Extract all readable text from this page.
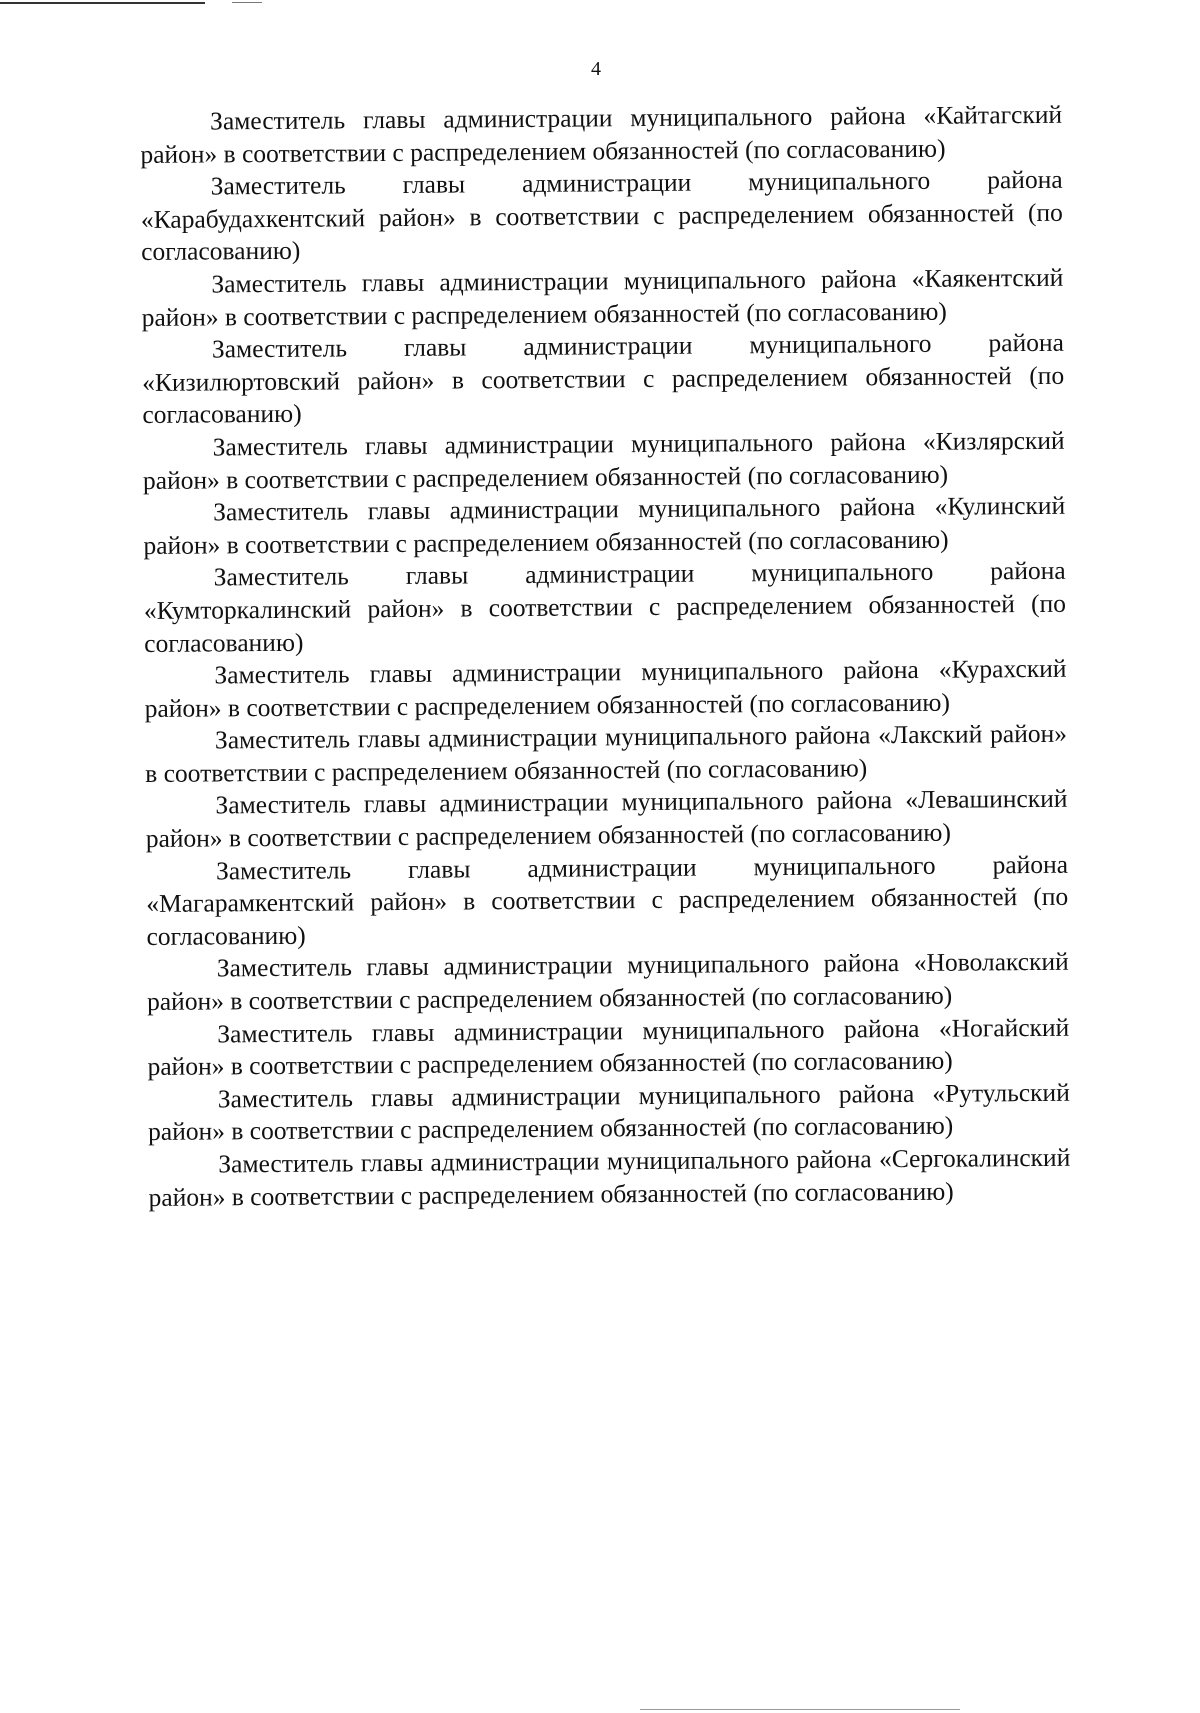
4

Заместитель главы администрации муниципального района «Кайтагский район» в соответствии с распределением обязанностей (по согласованию)

Заместитель главы администрации муниципального района «Карабудахкентский район» в соответствии с распределением обязанностей (по согласованию)

Заместитель главы администрации муниципального района «Каякентский район» в соответствии с распределением обязанностей (по согласованию)

Заместитель главы администрации муниципального района «Кизилюртовский район» в соответствии с распределением обязанностей (по согласованию)

Заместитель главы администрации муниципального района «Кизлярский район» в соответствии с распределением обязанностей (по согласованию)

Заместитель главы администрации муниципального района «Кулинский район» в соответствии с распределением обязанностей (по согласованию)

Заместитель главы администрации муниципального района «Кумторкалинский район» в соответствии с распределением обязанностей (по согласованию)

Заместитель главы администрации муниципального района «Курахский район» в соответствии с распределением обязанностей (по согласованию)

Заместитель главы администрации муниципального района «Лакский район» в соответствии с распределением обязанностей (по согласованию)

Заместитель главы администрации муниципального района «Левашинский район» в соответствии с распределением обязанностей (по согласованию)

Заместитель главы администрации муниципального района «Магарамкентский район» в соответствии с распределением обязанностей (по согласованию)

Заместитель главы администрации муниципального района «Новолакский район» в соответствии с распределением обязанностей (по согласованию)

Заместитель главы администрации муниципального района «Ногайский район» в соответствии с распределением обязанностей (по согласованию)

Заместитель главы администрации муниципального района «Рутульский район» в соответствии с распределением обязанностей (по согласованию)

Заместитель главы администрации муниципального района «Сергокалинский район» в соответствии с распределением обязанностей (по согласованию)
